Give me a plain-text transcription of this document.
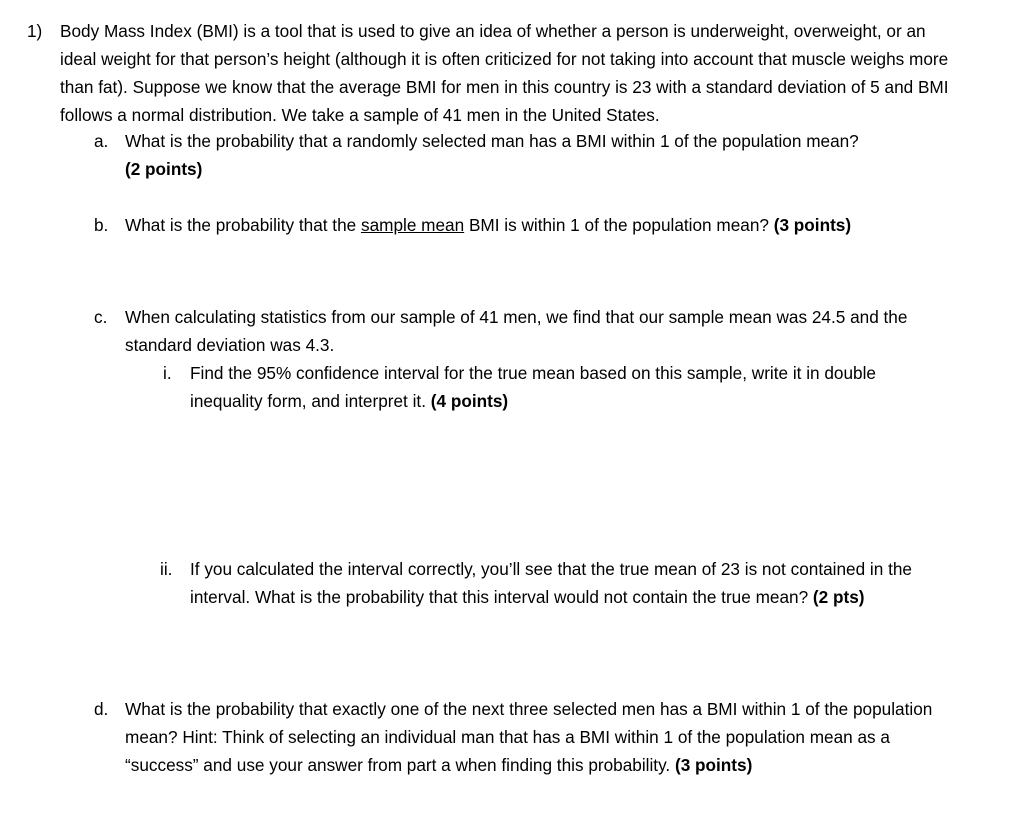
1) Body Mass Index (BMI) is a tool that is used to give an idea of whether a person is underweight, overweight, or an ideal weight for that person’s height (although it is often criticized for not taking into account that muscle weighs more than fat). Suppose we know that the average BMI for men in this country is 23 with a standard deviation of 5 and BMI follows a normal distribution. We take a sample of 41 men in the United States.

a. What is the probability that a randomly selected man has a BMI within 1 of the population mean?

(2 points)

b. What is the probability that the sample mean BMI is within 1 of the population mean? (3 points)

c. When calculating statistics from our sample of 41 men, we find that our sample mean was 24.5 and the standard deviation was 4.3.

i. Find the 95% confidence interval for the true mean based on this sample, write it in double inequality form, and interpret it. (4 points)

ii. If you calculated the interval correctly, you’ll see that the true mean of 23 is not contained in the interval. What is the probability that this interval would not contain the true mean? (2 pts)

d. What is the probability that exactly one of the next three selected men has a BMI within 1 of the population mean? Hint: Think of selecting an individual man that has a BMI within 1 of the population mean as a “success” and use your answer from part a when finding this probability. (3 points)
